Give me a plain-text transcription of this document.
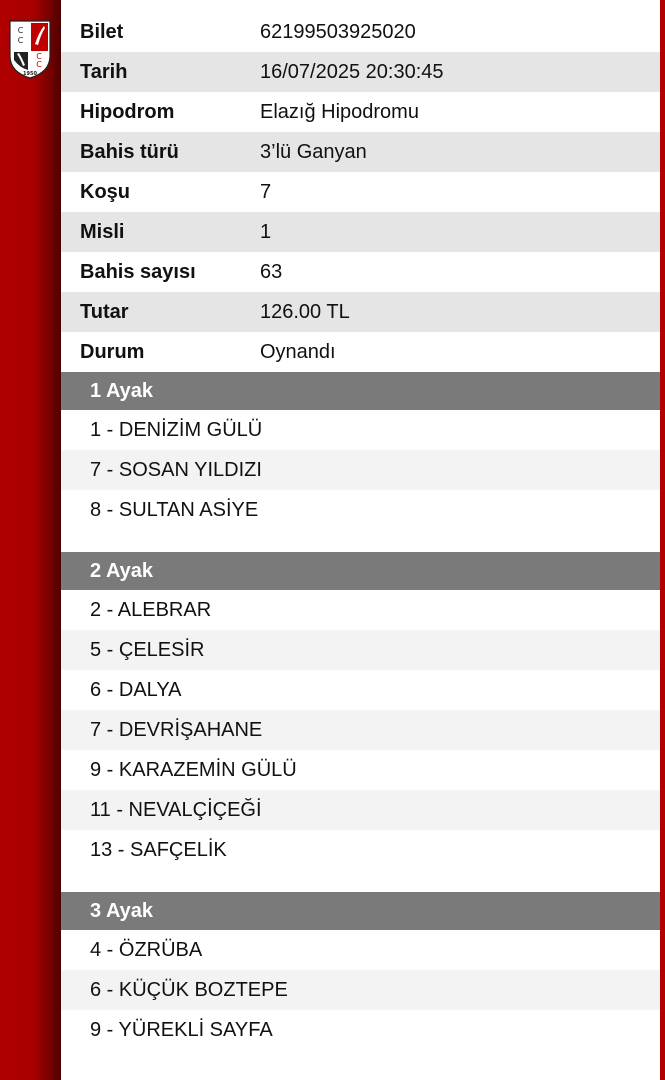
C
C
C
C
1950
Bilet	62199503925020
Tarih	16/07/2025 20:30:45
Hipodrom	Elazığ Hipodromu
Bahis türü	3’lü Ganyan
Koşu	7
Misli	1
Bahis sayısı	63
Tutar	126.00 TL
Durum	Oynandı
1 Ayak
1 - DENİZİM GÜLÜ
7 - SOSAN YILDIZI
8 - SULTAN ASİYE
2 Ayak
2 - ALEBRAR
5 - ÇELESİR
6 - DALYA
7 - DEVRİŞAHANE
9 - KARAZEMİN GÜLÜ
11 - NEVALÇİÇEĞİ
13 - SAFÇELİK
3 Ayak
4 - ÖZRÜBA
6 - KÜÇÜK BOZTEPE
9 - YÜREKLİ SAYFA
